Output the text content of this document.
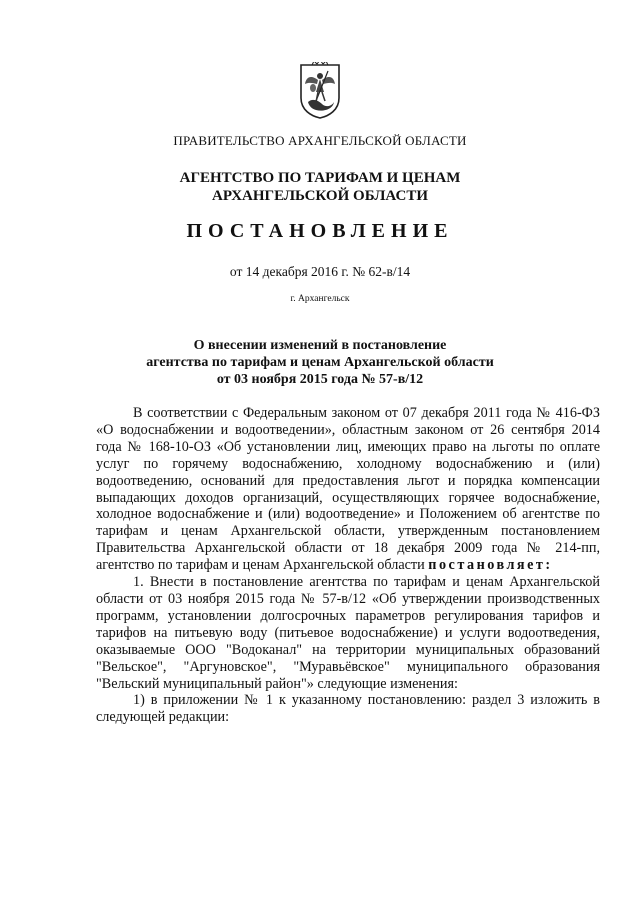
ПРАВИТЕЛЬСТВО АРХАНГЕЛЬСКОЙ ОБЛАСТИ
АГЕНТСТВО ПО ТАРИФАМ И ЦЕНАМ
АРХАНГЕЛЬСКОЙ ОБЛАСТИ
ПОСТАНОВЛЕНИЕ
от 14 декабря 2016 г. № 62-в/14
г. Архангельск
О внесении изменений в постановление
агентства по тарифам и ценам Архангельской области
от 03 ноября 2015 года № 57-в/12

В соответствии с Федеральным законом от 07 декабря 2011 года № 416-ФЗ «О водоснабжении и водоотведении», областным законом от 26 сентября 2014 года № 168-10-ОЗ «Об установлении лиц, имеющих право на льготы по оплате услуг по горячему водоснабжению, холодному водоснабжению и (или) водоотведению, оснований для предоставления льгот и порядка компенсации выпадающих доходов организаций, осуществляющих горячее водоснабжение, холодное водоснабжение и (или) водоотведение» и Положением об агентстве по тарифам и ценам Архангельской области, утвержденным постановлением Правительства Архангельской области от 18 декабря 2009 года № 214-пп, агентство по тарифам и ценам Архангельской области постановляет:

1. Внести в постановление агентства по тарифам и ценам Архангельской области от 03 ноября 2015 года № 57-в/12 «Об утверждении производственных программ, установлении долгосрочных параметров регулирования тарифов и тарифов на питьевую воду (питьевое водоснабжение) и услуги водоотведения, оказываемые ООО "Водоканал" на территории муниципальных образований "Вельское", "Аргуновское", "Муравьёвское" муниципального образования "Вельский муниципальный район"» следующие изменения:

1) в приложении № 1 к указанному постановлению: раздел 3 изложить в следующей редакции:
